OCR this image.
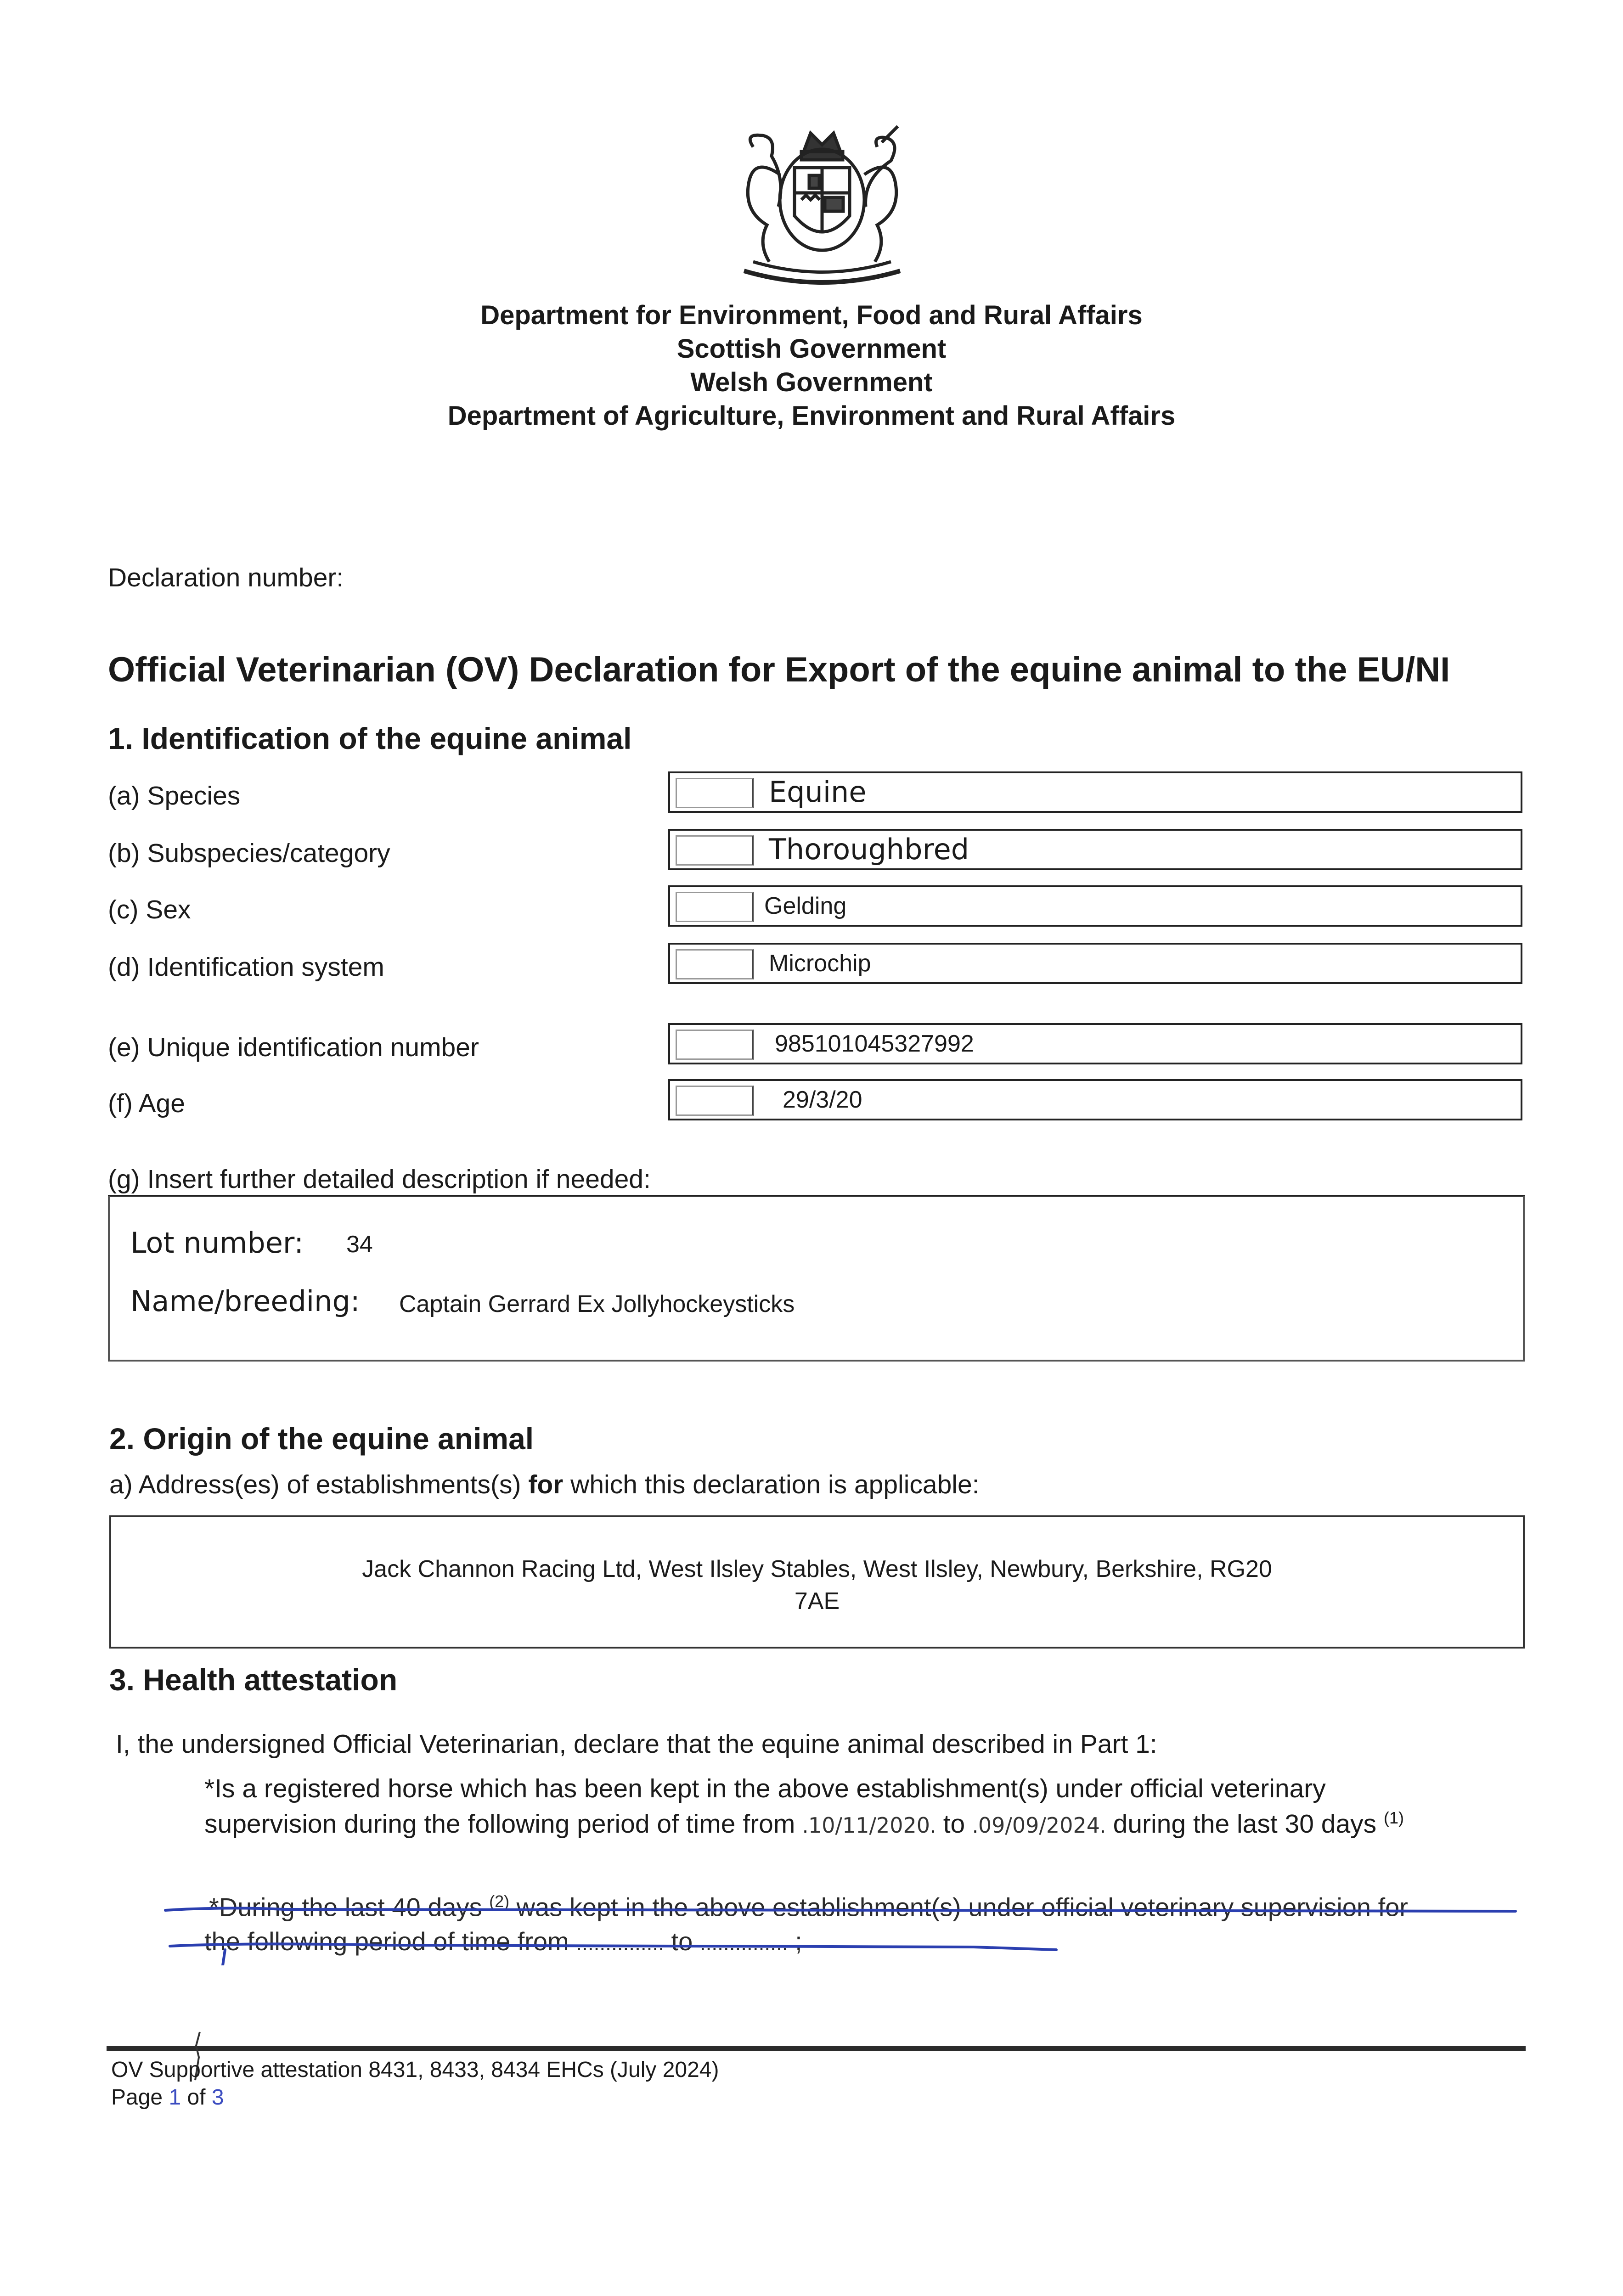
Department for Environment, Food and Rural Affairs
Scottish Government
Welsh Government
Department of Agriculture, Environment and Rural Affairs
Declaration number:
Official Veterinarian (OV) Declaration for Export of the equine animal to the EU/NI
1. Identification of the equine animal
(a) Species	Equine
(b) Subspecies/category	Thoroughbred
(c) Sex	Gelding
(d) Identification system	Microchip
(e) Unique identification number	985101045327992
(f) Age	29/3/20
(g) Insert further detailed description if needed:
Lot number: 34
Name/breeding: Captain Gerrard Ex Jollyhockeysticks
2. Origin of the equine animal
a) Address(es) of establishments(s) for which this declaration is applicable:
Jack Channon Racing Ltd, West Ilsley Stables, West Ilsley, Newbury, Berkshire, RG20
7AE
3. Health attestation
I, the undersigned Official Veterinarian, declare that the equine animal described in Part 1:
*Is a registered horse which has been kept in the above establishment(s) under official veterinary
supervision during the following period of time from .10/11/2020. to .09/09/2024. during the last 30 days $^{(1)}$
*During the last 40 days $^{(2)}$ was kept in the above establishment(s) under official veterinary supervision for
the following period of time from ............... to ............... ;
OV Supportive attestation 8431, 8433, 8434 EHCs (July 2024)
Page 1 of 3
